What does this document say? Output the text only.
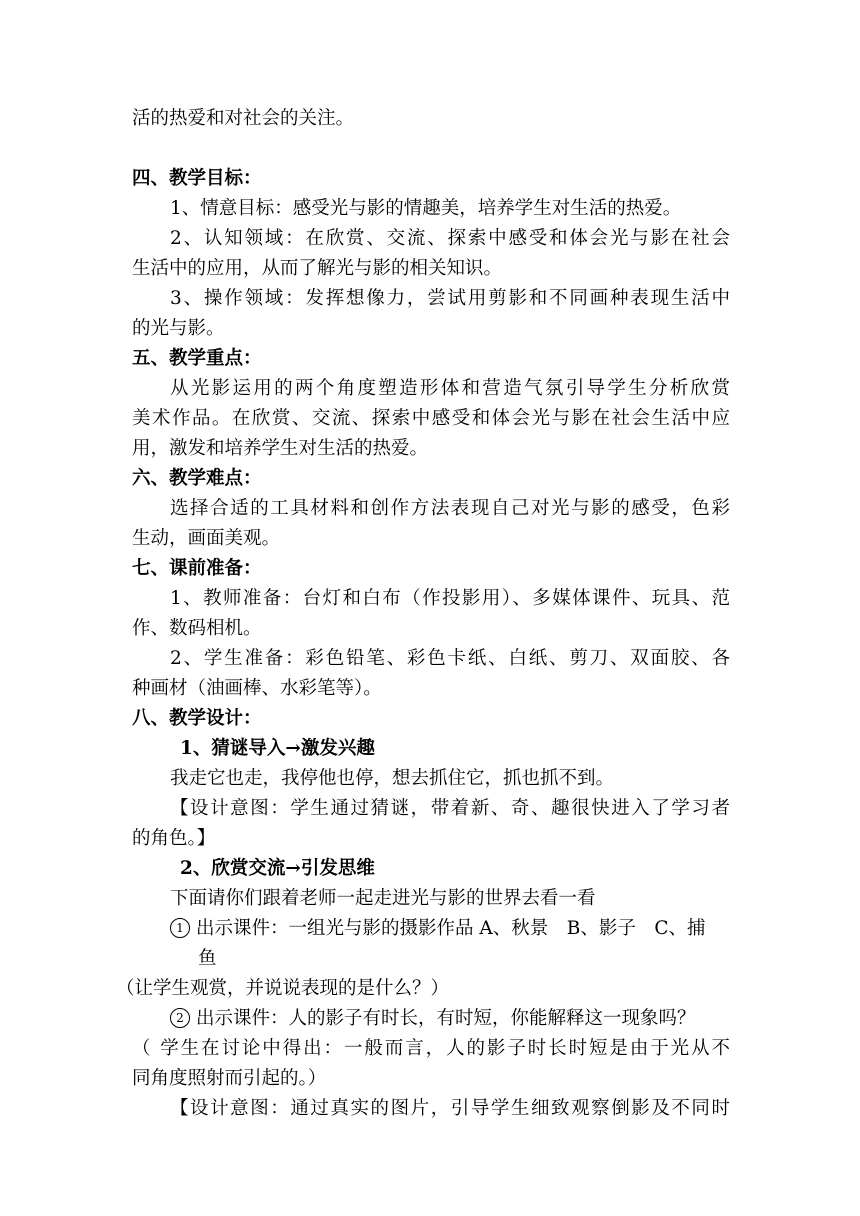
活的热爱和对社会的关注。
四、教学目标：
1、情意目标：感受光与影的情趣美，培养学生对生活的热爱。
2、认知领域：在欣赏、交流、探索中感受和体会光与影在社会
生活中的应用，从而了解光与影的相关知识。
3、操作领域：发挥想像力，尝试用剪影和不同画种表现生活中
的光与影。
五、教学重点：
从光影运用的两个角度塑造形体和营造气氛引导学生分析欣赏
美术作品。在欣赏、交流、探索中感受和体会光与影在社会生活中应
用，激发和培养学生对生活的热爱。
六、教学难点：
选择合适的工具材料和创作方法表现自己对光与影的感受，色彩
生动，画面美观。
七、课前准备：
1、教师准备：台灯和白布（作投影用）、多媒体课件、玩具、范
作、数码相机。
2、学生准备：彩色铅笔、彩色卡纸、白纸、剪刀、双面胶、各
种画材（油画棒、水彩笔等）。
八、教学设计：
1、猜谜导入→激发兴趣
我走它也走，我停他也停，想去抓住它，抓也抓不到。
【设计意图：学生通过猜谜，带着新、奇、趣很快进入了学习者
的角色。】
2、欣赏交流→引发思维
下面请你们跟着老师一起走进光与影的世界去看一看
1 出示课件：一组光与影的摄影作品 A、秋景　B、影子　C、捕
鱼
（让学生观赏，并说说表现的是什么？）
2 出示课件：人的影子有时长，有时短，你能解释这一现象吗？
（ 学生在讨论中得出：一般而言，人的影子时长时短是由于光从不
同角度照射而引起的。）
【设计意图：通过真实的图片，引导学生细致观察倒影及不同时
